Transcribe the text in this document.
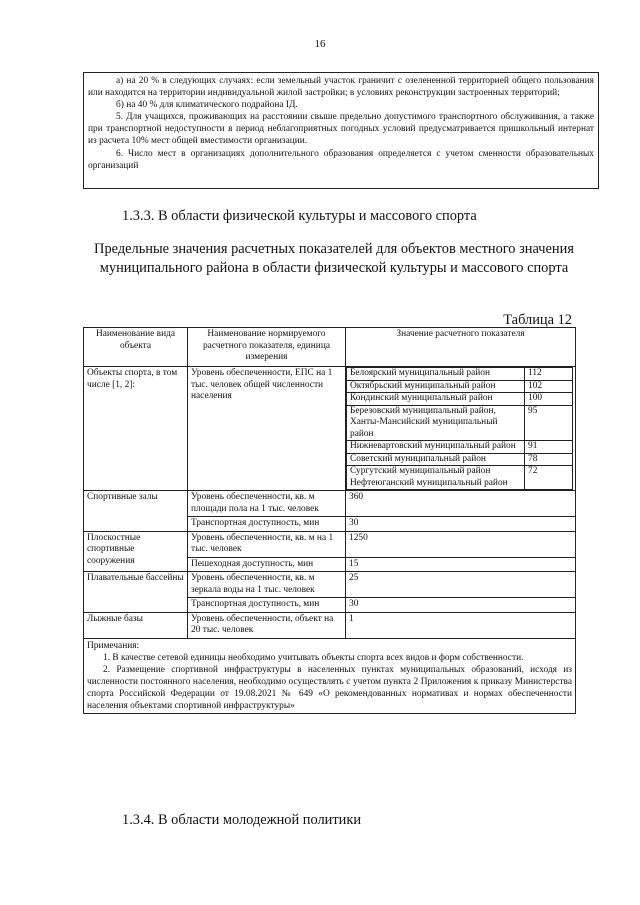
16

а) на 20 % в следующих случаях: если земельный участок граничит с озелененной территорией общего пользования или находится на территории индивидуальной жилой застройки; в условиях реконструкции застроенных территорий;

б) на 40 % для климатического подрайона IД.

5. Для учащихся, проживающих на расстоянии свыше предельно допустимого транспортного обслуживания, а также при транспортной недоступности в период неблагоприятных погодных условий предусматривается пришкольный интернат из расчета 10% мест общей вместимости организации.

6. Число мест в организациях дополнительного образования определяется с учетом сменности образовательных организаций

1.3.3. В области физической культуры и массового спорта
Предельные значения расчетных показателей для объектов местного значения муниципального района в области физической культуры и массового спорта
Таблица 12
Наименование вида объекта	Наименование нормируемого расчетного показателя, единица измерения	Значение расчетного показателя
Объекты спорта, в том числе [1, 2]:	Уровень обеспеченности, ЕПС на 1 тыс. человек общей численности населения	
Белоярский муниципальный район	112
Октябрьский муниципальный район	102
Кондинский муниципальный район	100
Березовский муниципальный район, Ханты-Мансийский муниципальный район	95
Нижневартовский муниципальный район	91
Советский муниципальный район	78
Сургутский муниципальный район Нефтеюганский муниципальный район	72

Спортивные залы	Уровень обеспеченности, кв. м площади пола на 1 тыс. человек	360
Транспортная доступность, мин	30
Плоскостные спортивные сооружения	Уровень обеспеченности, кв. м на 1 тыс. человек	1250
Пешеходная доступность, мин	15
Плавательные бассейны	Уровень обеспеченности, кв. м зеркала воды на 1 тыс. человек	25
Транспортная доступность, мин	30
Лыжные базы	Уровень обеспеченности, объект на 20 тыс. человек	1

Примечания:

1. В качестве сетевой единицы необходимо учитывать объекты спорта всех видов и форм собственности.

2. Размещение спортивной инфраструктуры в населенных пунктах муниципальных образований, исходя из численности постоянного населения, необходимо осуществлять с учетом пункта 2 Приложения к приказу Министерства спорта Российской Федерации от 19.08.2021 № 649 «О рекомендованных нормативах и нормах обеспеченности населения объектами спортивной инфраструктуры»

1.3.4. В области молодежной политики
